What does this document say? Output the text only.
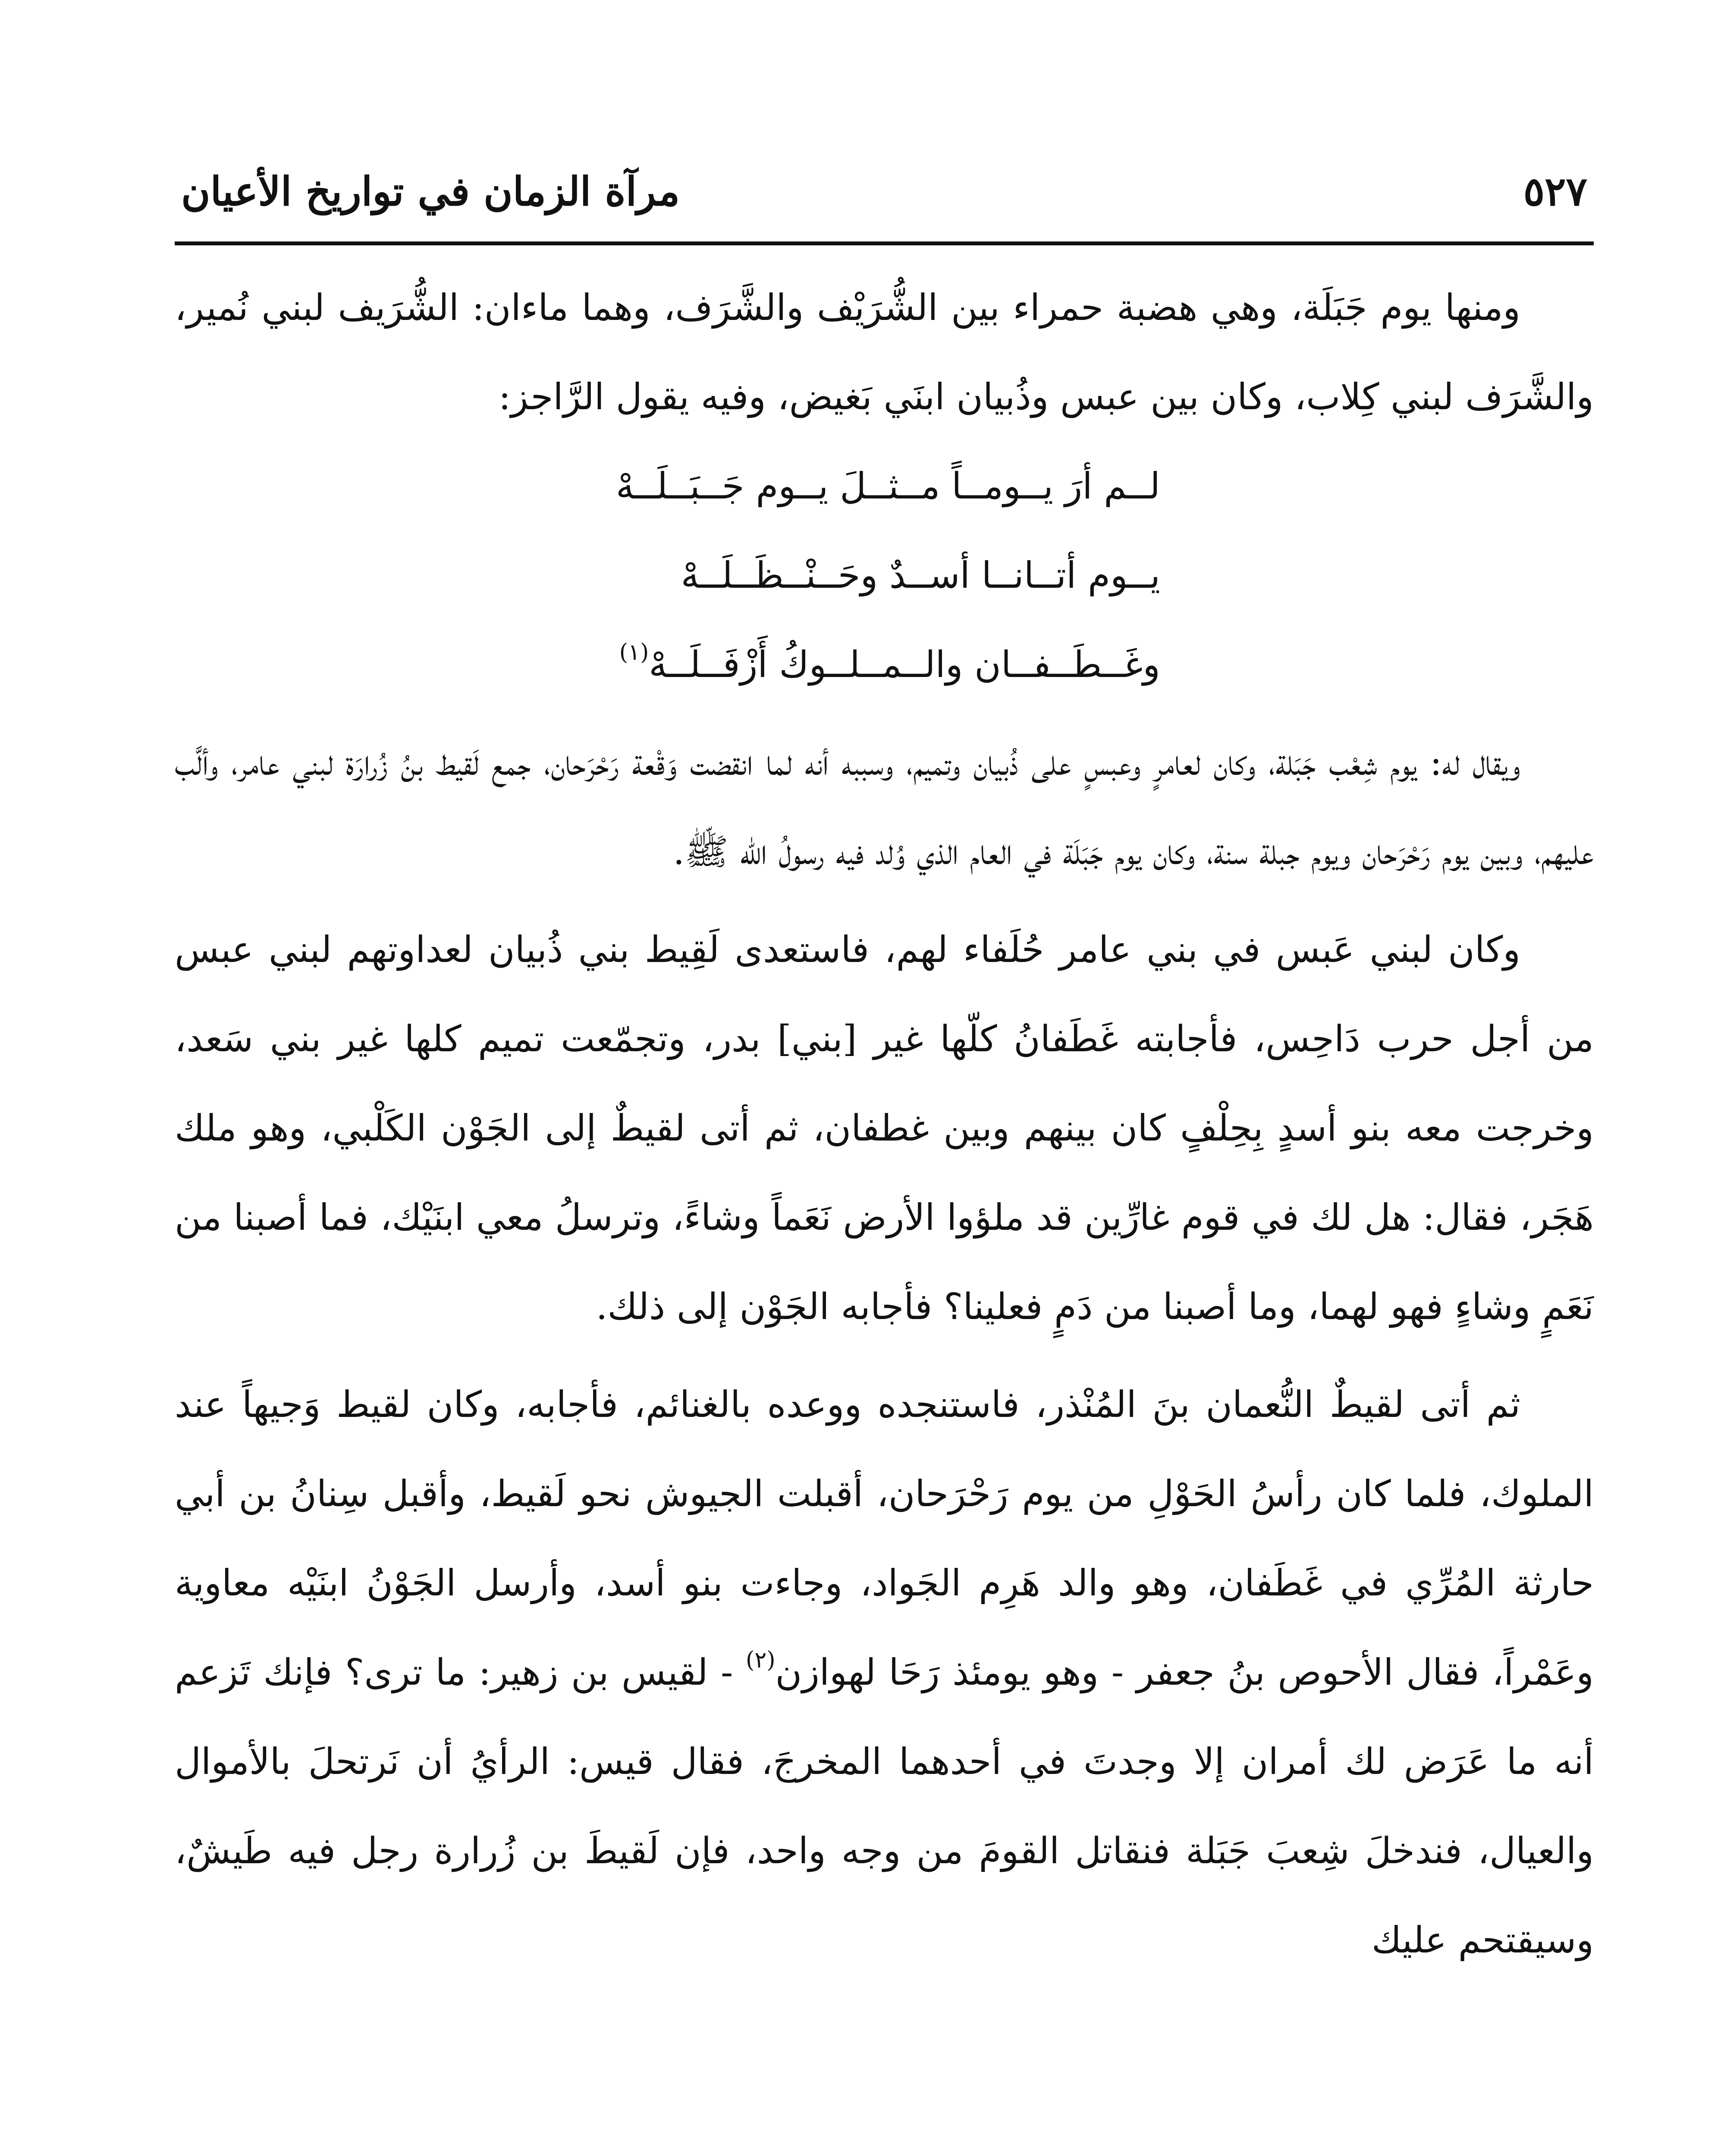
٥٢٧
مرآة الزمان في تواريخ الأعيان

ومنها يوم جَبَلَة، وهي هضبة حمراء بين الشُّرَيْف والشَّرَف، وهما ماءان: الشُّرَيف لبني نُمير، والشَّرَف لبني كِلاب، وكان بين عبس وذُبيان ابنَي بَغيض، وفيه يقول الرَّاجز:

لــم أرَ يــومــاً مــثــلَ يــوم جَــبَــلَــهْ
يــوم أتــانــا أســدٌ وحَــنْــظَــلَــهْ
وغَــطَــفــان والــمــلــوكُ أَزْفَــلَــهْ$^{(١)}$

ويقال له: يوم شِعْب جَبَلة، وكان لعامرٍ وعبسٍ على ذُبيان وتميم، وسببه أنه لما انقضت وَقْعة رَحْرَحان، جمع لَقيط بنُ زُرارَة لبني عامر، وألَّب عليهم، وبين يوم رَحْرَحان ويوم جبلة سنة، وكان يوم جَبَلَة في العام الذي وُلد فيه رسولُ الله ﷺ.

وكان لبني عَبس في بني عامر حُلَفاء لهم، فاستعدى لَقِيط بني ذُبيان لعداوتهم لبني عبس من أجل حرب دَاحِس، فأجابته غَطَفانُ كلّها غير [بني] بدر، وتجمّعت تميم كلها غير بني سَعد، وخرجت معه بنو أسدٍ بِحِلْفٍ كان بينهم وبين غطفان، ثم أتى لقيطٌ إلى الجَوْن الكَلْبي، وهو ملك هَجَر، فقال: هل لك في قوم غارِّين قد ملؤوا الأرض نَعَماً وشاءً، وترسلُ معي ابنَيْك، فما أصبنا من نَعَمٍ وشاءٍ فهو لهما، وما أصبنا من دَمٍ فعلينا؟ فأجابه الجَوْن إلى ذلك.

ثم أتى لقيطٌ النُّعمان بنَ المُنْذر، فاستنجده ووعده بالغنائم، فأجابه، وكان لقيط وَجيهاً عند الملوك، فلما كان رأسُ الحَوْلِ من يوم رَحْرَحان، أقبلت الجيوش نحو لَقيط، وأقبل سِنانُ بن أبي حارثة المُرِّي في غَطَفان، وهو والد هَرِم الجَواد، وجاءت بنو أسد، وأرسل الجَوْنُ ابنَيْه معاوية وعَمْراً، فقال الأحوص بنُ جعفر - وهو يومئذ رَحَا لهوازن$^{(٢)}$ - لقيس بن زهير: ما ترى؟ فإنك تَزعم أنه ما عَرَض لك أمران إلا وجدتَ في أحدهما المخرجَ، فقال قيس: الرأيُ أن نَرتحلَ بالأموال والعيال، فندخلَ شِعبَ جَبَلة فنقاتل القومَ من وجه واحد، فإن لَقيطَ بن زُرارة رجل فيه طَيشٌ، وسيقتحم عليك
